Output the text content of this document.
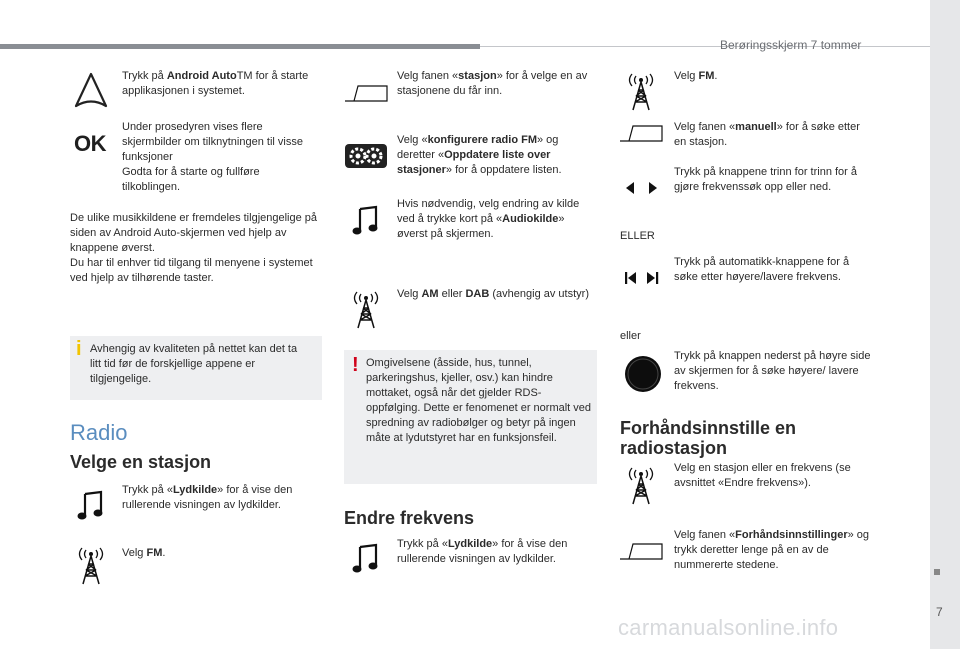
Berøringsskjerm 7 tommer
7
carmanualsonline.info
Trykk på Android AutoTM for å starte applikasjonen i systemet.
OK
Under prosedyren vises flere skjermbilder om tilknytningen til visse funksjoner
Godta for å starte og fullføre tilkoblingen.
De ulike musikkildene er fremdeles tilgjengelige på siden av Android Auto-skjermen ved hjelp av knappene øverst.
Du har til enhver tid tilgang til menyene i systemet ved hjelp av tilhørende taster.
i Avhengig av kvaliteten på nettet kan det ta litt tid før de forskjellige appene er tilgjengelige.
Radio
Velge en stasjon
Trykk på «Lydkilde» for å vise den rullerende visningen av lydkilder.
Velg FM.
Velg fanen «stasjon» for å velge en av stasjonene du får inn.
Velg «konfigurere radio FM» og deretter «Oppdatere liste over stasjoner» for å oppdatere listen.
Hvis nødvendig, velg endring av kilde ved å trykke kort på «Audiokilde» øverst på skjermen.
Velg AM eller DAB (avhengig av utstyr)
! Omgivelsene (åsside, hus, tunnel, parkeringshus, kjeller, osv.) kan hindre mottaket, også når det gjelder RDS-oppfølging. Dette er fenomenet er normalt ved spredning av radiobølger og betyr på ingen måte at lydutstyret har en funksjonsfeil.
Endre frekvens
Trykk på «Lydkilde» for å vise den rullerende visningen av lydkilder.
Velg FM.
Velg fanen «manuell» for å søke etter en stasjon.
Trykk på knappene trinn for trinn for å gjøre frekvenssøk opp eller ned.
ELLER
Trykk på automatikk-knappene for å søke etter høyere/lavere frekvens.
eller
Trykk på knappen nederst på høyre side av skjermen for å søke høyere/ lavere frekvens.
Forhåndsinnstille en
radiostasjon
Velg en stasjon eller en frekvens (se avsnittet «Endre frekvens»).
Velg fanen «Forhåndsinnstillinger» og trykk deretter lenge på en av de nummererte stedene.
